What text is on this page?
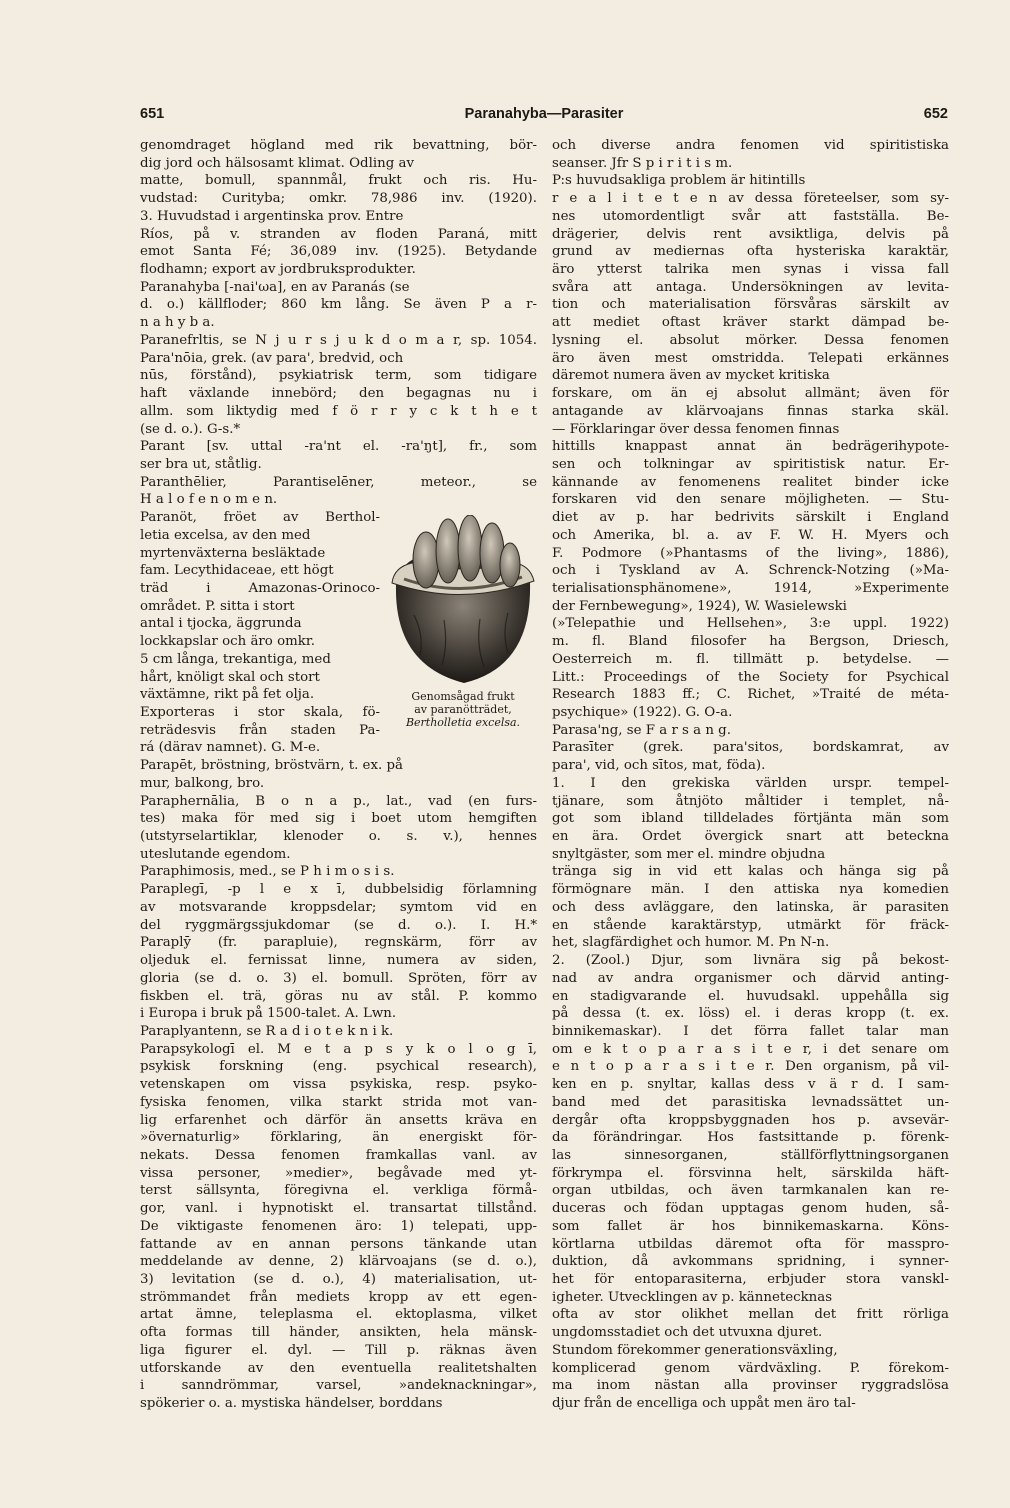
651	Paranahyba—Parasiter	652
genomdraget högland med rik bevattning, bör-
dig jord och hälsosamt klimat. Odling av
matte, bomull, spannmål, frukt och ris. Hu-
vudstad: Curityba; omkr. 78,986 inv. (1920).
3. Huvudstad i argentinska prov. Entre
Ríos, på v. stranden av floden Paraná, mitt
emot Santa Fé; 36,089 inv. (1925). Betydande
flodhamn; export av jordbruksprodukter.
Paranahyba [-nai'ωa], en av Paranás (se
d. o.) källfloder; 860 km lång. Se även P a r-
n a h y b a.
Paranefrltis, se N j u r s j u k d o m a r, sp. 1054.
Para'nōia, grek. (av para', bredvid, och
nūs, förstånd), psykiatrisk term, som tidigare
haft växlande innebörd; den begagnas nu i
allm. som liktydig med f ö r r y c k t h e t
(se d. o.). G-s.*
Parant [sv. uttal -ra'nt el. -ra'ŋt], fr., som
ser bra ut, ståtlig.
Paranthēlier, Parantiselēner, meteor., se
H a l o f e n o m e n.
Paranöt, fröet av Berthol-
letia excelsa, av den med
myrtenväxterna besläktade
fam. Lecythidaceae, ett högt
träd i Amazonas-Orinoco-
området. P. sitta i stort
antal i tjocka, äggrunda
lockkapslar och äro omkr.
5 cm långa, trekantiga, med
hårt, knöligt skal och stort
växtämne, rikt på fet olja.
Exporteras i stor skala, fö-
reträdesvis från staden Pa-
rá (därav namnet). G. M-e.
Parapēt, bröstning, bröstvärn, t. ex. på
mur, balkong, bro.
Paraphernālia, B o n a p., lat., vad (en furs-
tes) maka för med sig i boet utom hemgiften
(utstyrselartiklar, klenoder o. s. v.), hennes
uteslutande egendom.
Paraphimosis, med., se P h i m o s i s.
Paraplegī, -p l e x ī, dubbelsidig förlamning
av motsvarande kroppsdelar; symtom vid en
del ryggmärgssjukdomar (se d. o.). I. H.*
Paraplȳ (fr. parapluie), regnskärm, förr av
oljeduk el. fernissat linne, numera av siden,
gloria (se d. o. 3) el. bomull. Spröten, förr av
fiskben el. trä, göras nu av stål. P. kommo
i Europa i bruk på 1500-talet. A. Lwn.
Paraplyantenn, se R a d i o t e k n i k.
Parapsykologī el. M e t a p s y k o l o g ī,
psykisk forskning (eng. psychical research),
vetenskapen om vissa psykiska, resp. psyko-
fysiska fenomen, vilka starkt strida mot van-
lig erfarenhet och därför än ansetts kräva en
»övernaturlig» förklaring, än energiskt för-
nekats. Dessa fenomen framkallas vanl. av
vissa personer, »medier», begåvade med yt-
terst sällsynta, föregivna el. verkliga förmå-
gor, vanl. i hypnotiskt el. transartat tillstånd.
De viktigaste fenomenen äro: 1) telepati, upp-
fattande av en annan persons tänkande utan
meddelande av denne, 2) klärvoajans (se d. o.),
3) levitation (se d. o.), 4) materialisation, ut-
strömmandet från mediets kropp av ett egen-
artat ämne, teleplasma el. ektoplasma, vilket
ofta formas till händer, ansikten, hela mänsk-
liga figurer el. dyl. — Till p. räknas även
utforskande av den eventuella realitetshalten
i sanndrömmar, varsel, »andeknackningar»,
spökerier o. a. mystiska händelser, borddans
och diverse andra fenomen vid spiritistiska
seanser. Jfr S p i r i t i s m.
P:s huvudsakliga problem är hitintills
r e a l i t e t e n av dessa företeelser, som sy-
nes utomordentligt svår att fastställa. Be-
drägerier, delvis rent avsiktliga, delvis på
grund av mediernas ofta hysteriska karaktär,
äro ytterst talrika men synas i vissa fall
svåra att antaga. Undersökningen av levita-
tion och materialisation försvåras särskilt av
att mediet oftast kräver starkt dämpad be-
lysning el. absolut mörker. Dessa fenomen
äro även mest omstridda. Telepati erkännes
däremot numera även av mycket kritiska
forskare, om än ej absolut allmänt; även för
antagande av klärvoajans finnas starka skäl.
— Förklaringar över dessa fenomen finnas
hittills knappast annat än bedrägerihypote-
sen och tolkningar av spiritistisk natur. Er-
kännande av fenomenens realitet binder icke
forskaren vid den senare möjligheten. — Stu-
diet av p. har bedrivits särskilt i England
och Amerika, bl. a. av F. W. H. Myers och
F. Podmore (»Phantasms of the living», 1886),
och i Tyskland av A. Schrenck-Notzing (»Ma-
terialisationsphänomene», 1914, »Experimente
der Fernbewegung», 1924), W. Wasielewski
(»Telepathie und Hellsehen», 3:e uppl. 1922)
m. fl. Bland filosofer ha Bergson, Driesch,
Oesterreich m. fl. tillmätt p. betydelse. —
Litt.: Proceedings of the Society for Psychical
Research 1883 ff.; C. Richet, »Traité de méta-
psychique» (1922). G. O-a.
Parasa'ng, se F a r s a n g.
Parasīter (grek. para'sitos, bordskamrat, av
para', vid, och sītos, mat, föda).
1. I den grekiska världen urspr. tempel-
tjänare, som åtnjöto måltider i templet, nå-
got som ibland tilldelades förtjänta män som
en ära. Ordet övergick snart att beteckna
snyltgäster, som mer el. mindre objudna
tränga sig in vid ett kalas och hänga sig på
förmögnare män. I den attiska nya komedien
och dess avläggare, den latinska, är parasiten
en stående karaktärstyp, utmärkt för fräck-
het, slagfärdighet och humor. M. Pn N-n.
2. (Zool.) Djur, som livnära sig på bekost-
nad av andra organismer och därvid anting-
en stadigvarande el. huvudsakl. uppehålla sig
på dessa (t. ex. löss) el. i deras kropp (t. ex.
binnikemaskar). I det förra fallet talar man
om e k t o p a r a s i t e r, i det senare om
e n t o p a r a s i t e r. Den organism, på vil-
ken en p. snyltar, kallas dess v ä r d. I sam-
band med det parasitiska levnadssättet un-
dergår ofta kroppsbyggnaden hos p. avsevär-
da förändringar. Hos fastsittande p. förenk-
las sinnesorganen, ställförflyttningsorganen
förkrympa el. försvinna helt, särskilda häft-
organ utbildas, och även tarmkanalen kan re-
duceras och födan upptagas genom huden, så-
som fallet är hos binnikemaskarna. Köns-
körtlarna utbildas däremot ofta för masspro-
duktion, då avkommans spridning, i synner-
het för entoparasiterna, erbjuder stora vanskl-
igheter. Utvecklingen av p. kännetecknas
ofta av stor olikhet mellan det fritt rörliga
ungdomsstadiet och det utvuxna djuret.
Stundom förekommer generationsväxling,
komplicerad genom värdväxling. P. förekom-
ma inom nästan alla provinser ryggradslösa
djur från de encelliga och uppåt men äro tal-
Genomsågad frukt
av paranötträdet,
Bertholletia excelsa.
